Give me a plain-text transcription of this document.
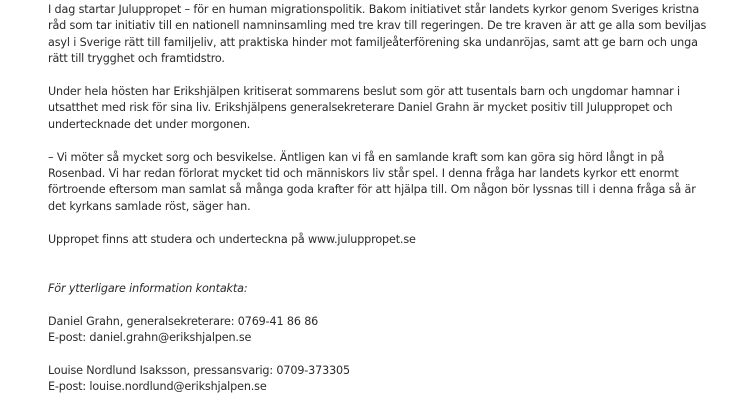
I dag startar Juluppropet – för en human migrationspolitik. Bakom initiativet står landets kyrkor genom Sveriges kristna råd som tar initiativ till en nationell namninsamling med tre krav till regeringen. De tre kraven är att ge alla som beviljas asyl i Sverige rätt till familjeliv, att praktiska hinder mot familjeåterförening ska undanröjas, samt att ge barn och unga rätt till trygghet och framtidstro.

Under hela hösten har Erikshjälpen kritiserat sommarens beslut som gör att tusentals barn och ungdomar hamnar i utsatthet med risk för sina liv. Erikshjälpens generalsekreterare Daniel Grahn är mycket positiv till Juluppropet och undertecknade det under morgonen.

– Vi möter så mycket sorg och besvikelse. Äntligen kan vi få en samlande kraft som kan göra sig hörd långt in på Rosenbad. Vi har redan förlorat mycket tid och människors liv står spel. I denna fråga har landets kyrkor ett enormt förtroende eftersom man samlat så många goda krafter för att hjälpa till. Om någon bör lyssnas till i denna fråga så är det kyrkans samlade röst, säger han.

Uppropet finns att studera och underteckna på www.juluppropet.se

För ytterligare information kontakta:

Daniel Grahn, generalsekreterare: 0769-41 86 86

E-post: daniel.grahn@erikshjalpen.se

Louise Nordlund Isaksson, pressansvarig: 0709-373305

E-post: louise.nordlund@erikshjalpen.se
